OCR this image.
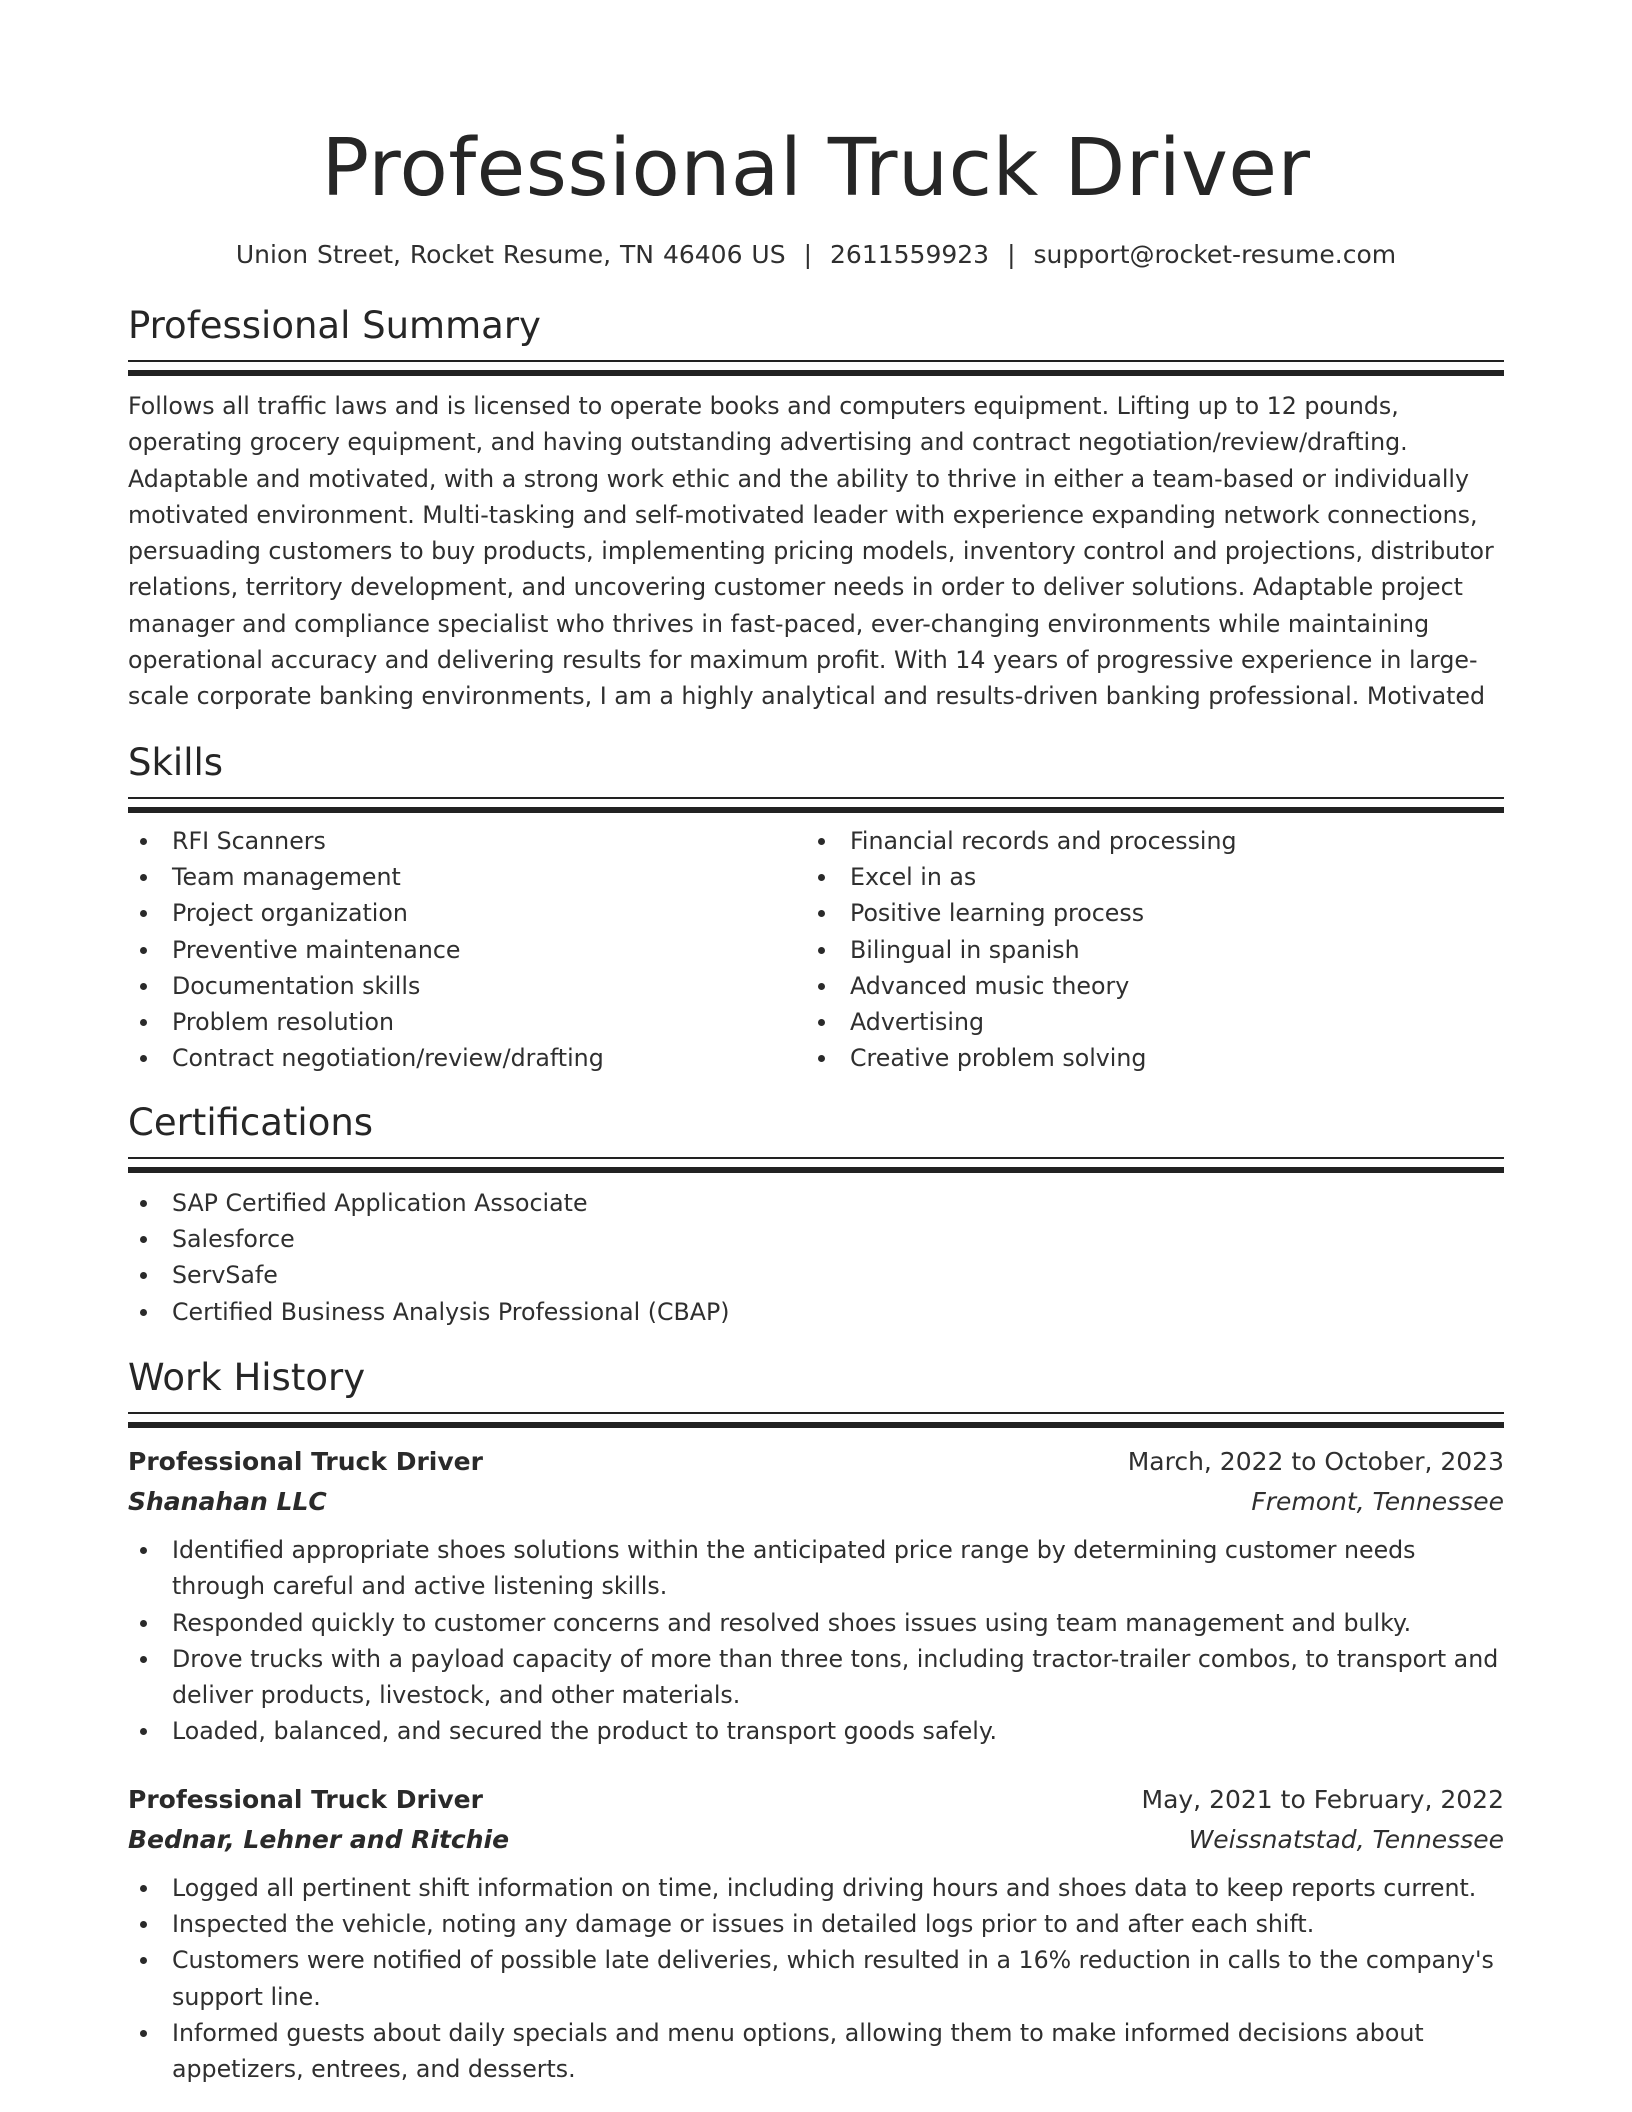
Professional Truck Driver
Union Street, Rocket Resume, TN 46406 US | 2611559923 | support@rocket-resume.com
Professional Summary

Follows all traffic laws and is licensed to operate books and computers equipment. Lifting up to 12 pounds, operating grocery equipment, and having outstanding advertising and contract negotiation/review/drafting. Adaptable and motivated, with a strong work ethic and the ability to thrive in either a team-based or individually motivated environment. Multi-tasking and self-motivated leader with experience expanding network connections, persuading customers to buy products, implementing pricing models, inventory control and projections, distributor relations, territory development, and uncovering customer needs in order to deliver solutions. Adaptable project manager and compliance specialist who thrives in fast-paced, ever-changing environments while maintaining operational accuracy and delivering results for maximum profit. With 14 years of progressive experience in large-scale corporate banking environments, I am a highly analytical and results-driven banking professional. Motivated

Skills
RFI Scanners
Team management
Project organization
Preventive maintenance
Documentation skills
Problem resolution
Contract negotiation/review/drafting
Financial records and processing
Excel in as
Positive learning process
Bilingual in spanish
Advanced music theory
Advertising
Creative problem solving
Certifications
SAP Certified Application Associate
Salesforce
ServSafe
Certified Business Analysis Professional (CBAP)
Work History
Professional Truck Driver	March, 2022 to October, 2023
Shanahan LLC	Fremont, Tennessee
Identified appropriate shoes solutions within the anticipated price range by determining customer needs through careful and active listening skills.
Responded quickly to customer concerns and resolved shoes issues using team management and bulky.
Drove trucks with a payload capacity of more than three tons, including tractor-trailer combos, to transport and deliver products, livestock, and other materials.
Loaded, balanced, and secured the product to transport goods safely.
Professional Truck Driver	May, 2021 to February, 2022
Bednar, Lehner and Ritchie	Weissnatstad, Tennessee
Logged all pertinent shift information on time, including driving hours and shoes data to keep reports current.
Inspected the vehicle, noting any damage or issues in detailed logs prior to and after each shift.
Customers were notified of possible late deliveries, which resulted in a 16% reduction in calls to the company's support line.
Informed guests about daily specials and menu options, allowing them to make informed decisions about appetizers, entrees, and desserts.
